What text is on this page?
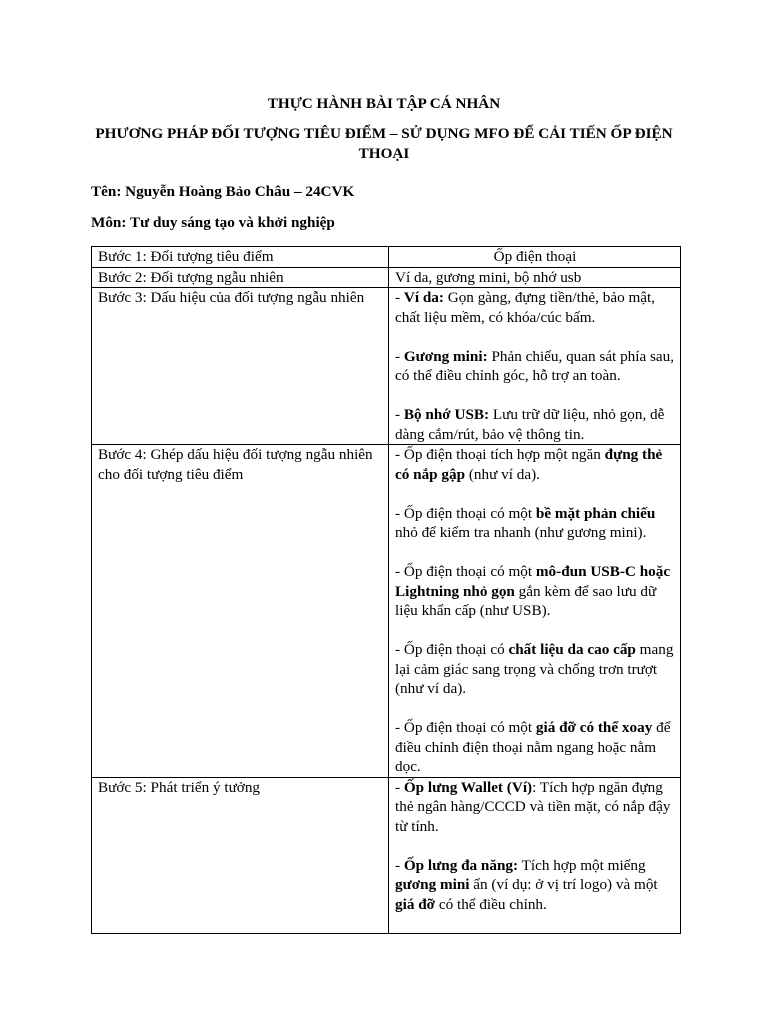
THỰC HÀNH BÀI TẬP CÁ NHÂN
PHƯƠNG PHÁP ĐỐI TƯỢNG TIÊU ĐIỂM – SỬ DỤNG MFO ĐỂ CẢI TIẾN ỐP ĐIỆN THOẠI
Tên: Nguyễn Hoàng Bảo Châu – 24CVK
Môn: Tư duy sáng tạo và khởi nghiệp
Bước 1: Đối tượng tiêu điểm	Ốp điện thoại
Bước 2: Đối tượng ngẫu nhiên	Ví da, gương mini, bộ nhớ usb
Bước 3: Dấu hiệu của đối tượng ngẫu nhiên	- Ví da: Gọn gàng, đựng tiền/thẻ, bảo mật, chất liệu mềm, có khóa/cúc bấm.
- Gương mini: Phản chiếu, quan sát phía sau, có thể điều chỉnh góc, hỗ trợ an toàn.
- Bộ nhớ USB: Lưu trữ dữ liệu, nhỏ gọn, dễ dàng cắm/rút, bảo vệ thông tin.

Bước 4: Ghép dấu hiệu đối tượng ngẫu nhiên cho đối tượng tiêu điểm	- Ốp điện thoại tích hợp một ngăn đựng thẻ có nắp gập (như ví da).
- Ốp điện thoại có một bề mặt phản chiếu nhỏ để kiểm tra nhanh (như gương mini).
- Ốp điện thoại có một mô-đun USB-C hoặc Lightning nhỏ gọn gắn kèm để sao lưu dữ liệu khẩn cấp (như USB).
- Ốp điện thoại có chất liệu da cao cấp mang lại cảm giác sang trọng và chống trơn trượt (như ví da).
- Ốp điện thoại có một giá đỡ có thể xoay để điều chỉnh điện thoại nằm ngang hoặc nằm dọc.

Bước 5: Phát triển ý tưởng	- Ốp lưng Wallet (Ví): Tích hợp ngăn đựng thẻ ngân hàng/CCCD và tiền mặt, có nắp đậy từ tính.
- Ốp lưng đa năng: Tích hợp một miếng gương mini ẩn (ví dụ: ở vị trí logo) và một giá đỡ có thể điều chỉnh.
